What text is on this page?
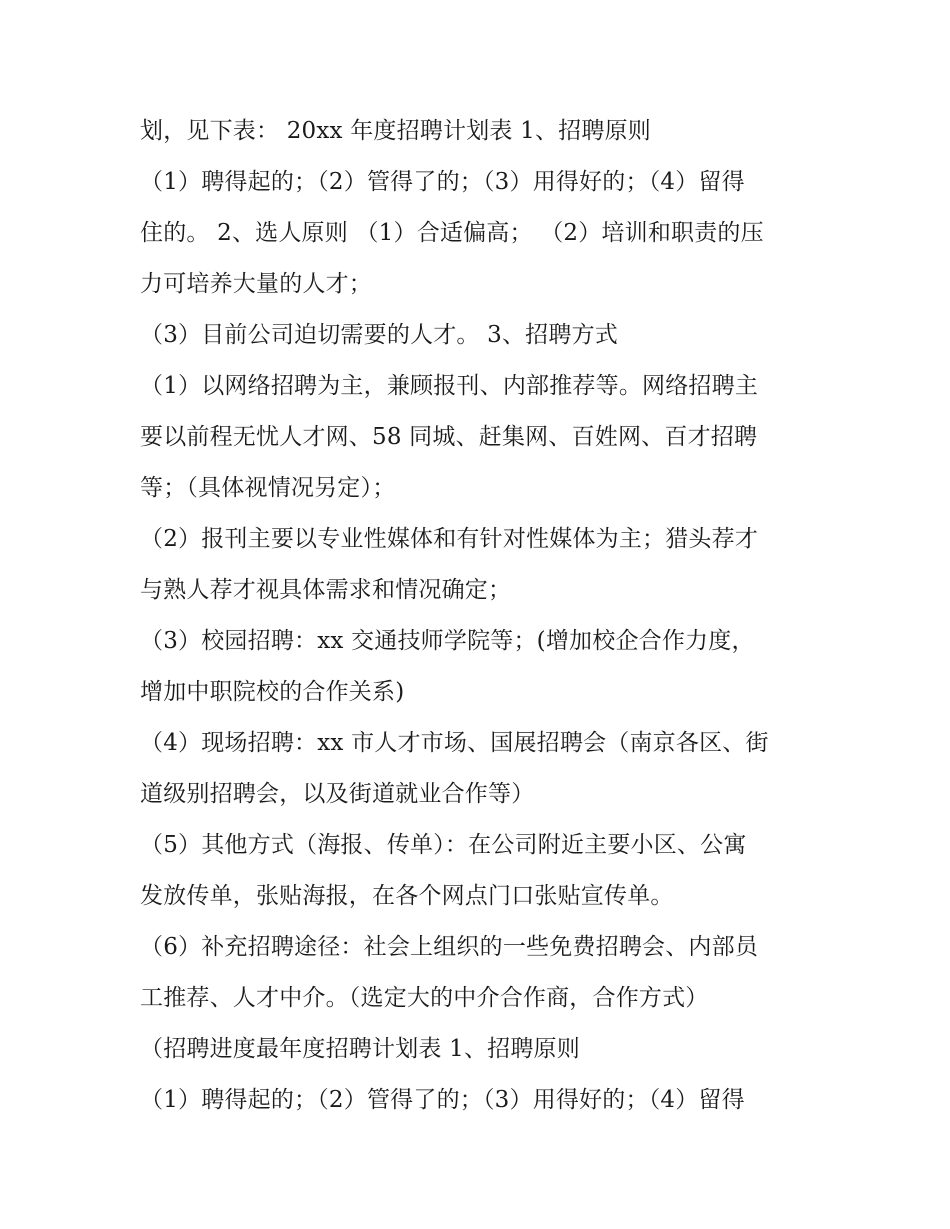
划，见下表： 20xx 年度招聘计划表 1、招聘原则
（1）聘得起的；（2）管得了的；（3）用得好的；（4）留得
住的。 2、选人原则 （1）合适偏高； （2）培训和职责的压
力可培养大量的人才；
（3）目前公司迫切需要的人才。 3、招聘方式
（1）以网络招聘为主，兼顾报刊、内部推荐等。网络招聘主
要以前程无忧人才网、58 同城、赶集网、百姓网、百才招聘
等；（具体视情况另定）；
（2）报刊主要以专业性媒体和有针对性媒体为主；猎头荐才
与熟人荐才视具体需求和情况确定；
（3）校园招聘：xx 交通技师学院等；(增加校企合作力度，
增加中职院校的合作关系)
（4）现场招聘：xx 市人才市场、国展招聘会（南京各区、街
道级别招聘会，以及街道就业合作等）
（5）其他方式（海报、传单）：在公司附近主要小区、公寓
发放传单，张贴海报，在各个网点门口张贴宣传单。
（6）补充招聘途径：社会上组织的一些免费招聘会、内部员
工推荐、人才中介。（选定大的中介合作商，合作方式）
（招聘进度最年度招聘计划表 1、招聘原则
（1）聘得起的；（2）管得了的；（3）用得好的；（4）留得
